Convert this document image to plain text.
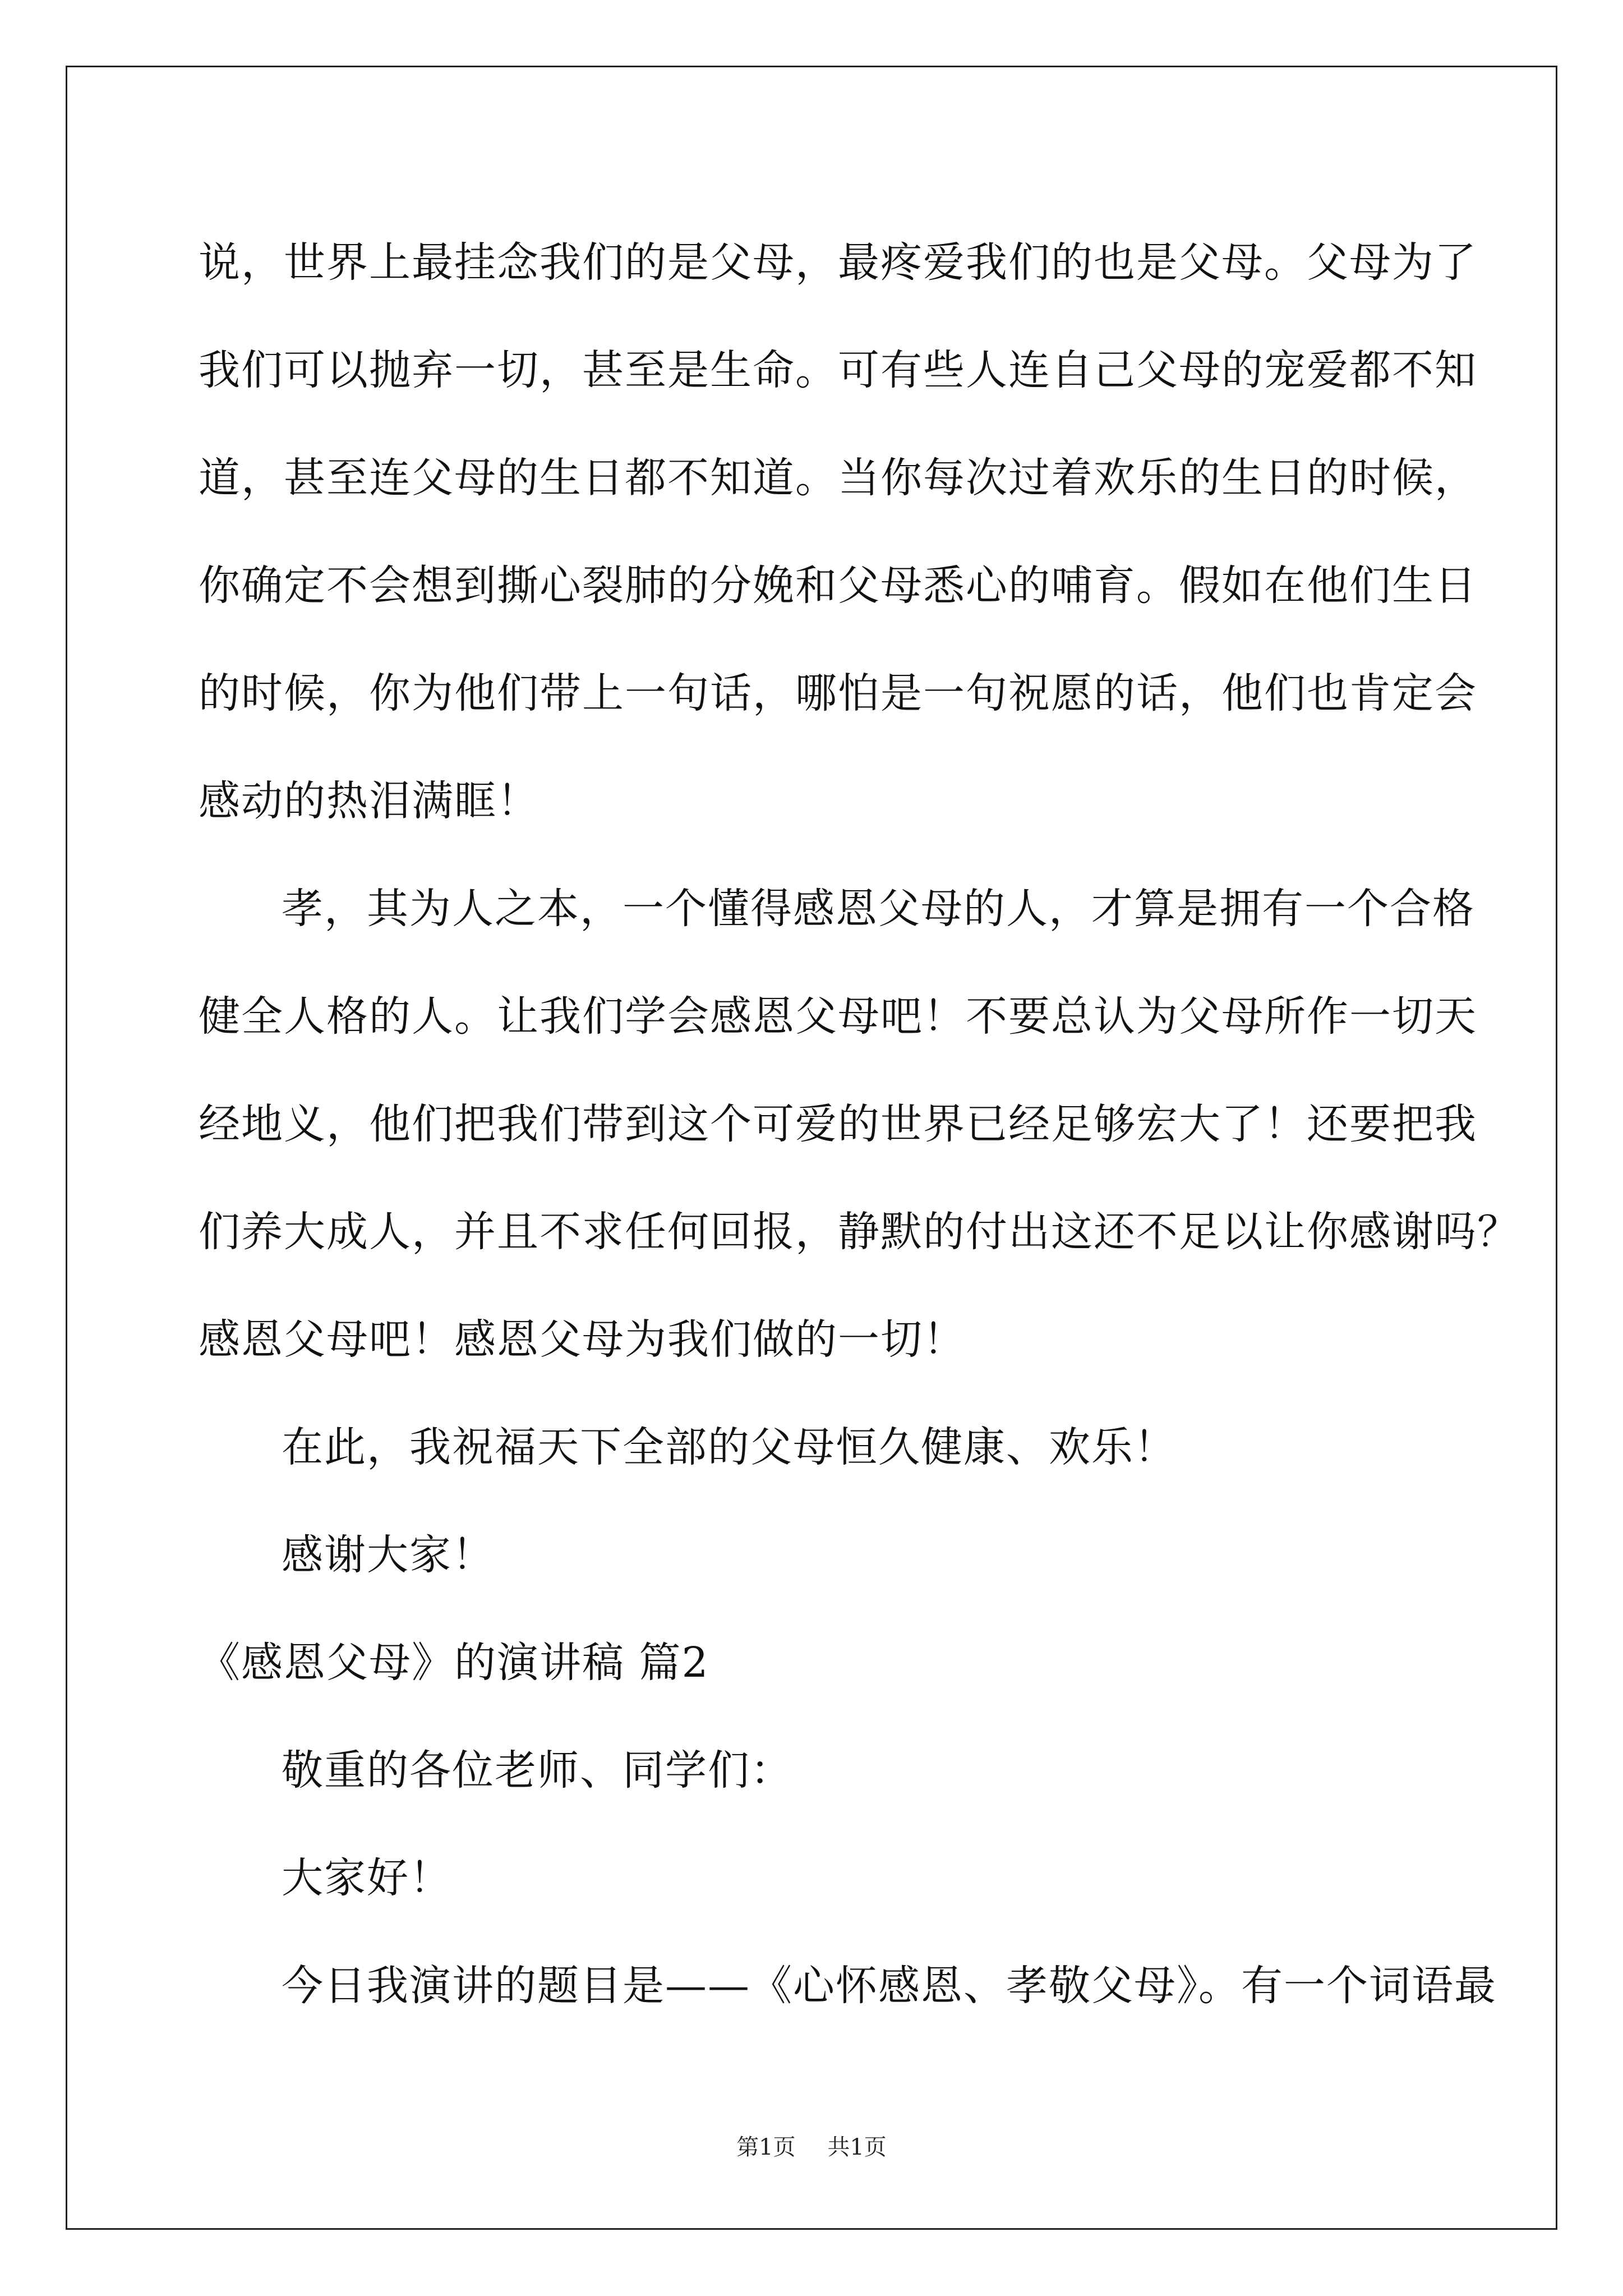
说，世界上最挂念我们的是父母，最疼爱我们的也是父母。父母为了
我们可以抛弃一切，甚至是生命。可有些人连自己父母的宠爱都不知
道，甚至连父母的生日都不知道。当你每次过着欢乐的生日的时候，
你确定不会想到撕心裂肺的分娩和父母悉心的哺育。假如在他们生日
的时候，你为他们带上一句话，哪怕是一句祝愿的话，他们也肯定会
感动的热泪满眶！
孝，其为人之本，一个懂得感恩父母的人，才算是拥有一个合格
健全人格的人。让我们学会感恩父母吧！不要总认为父母所作一切天
经地义，他们把我们带到这个可爱的世界已经足够宏大了！还要把我
们养大成人，并且不求任何回报，静默的付出这还不足以让你感谢吗？
感恩父母吧！感恩父母为我们做的一切！
在此，我祝福天下全部的父母恒久健康、欢乐！
感谢大家！
《感恩父母》的演讲稿 篇2
敬重的各位老师、同学们：
大家好！
今日我演讲的题目是——《心怀感恩、孝敬父母》。有一个词语最
第1页 共1页
